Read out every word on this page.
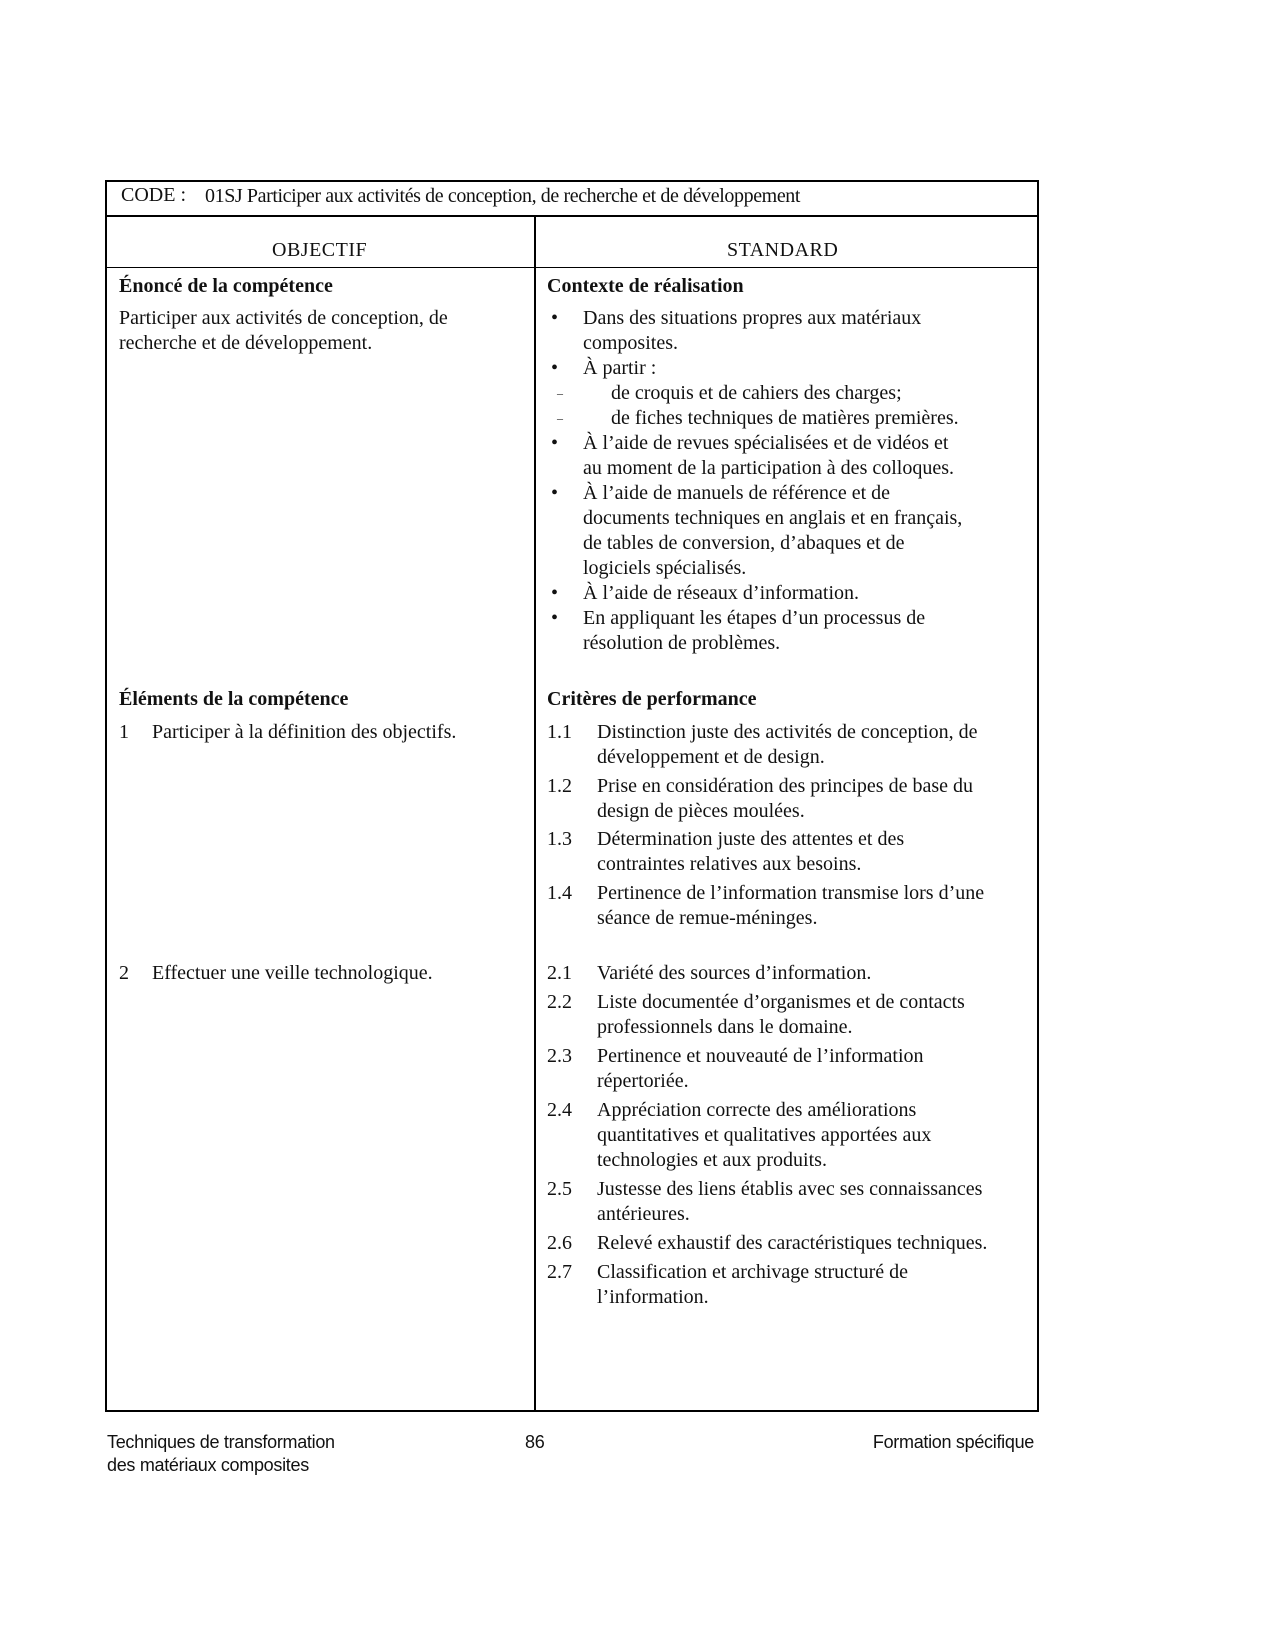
CODE : 01SJ Participer aux activités de conception, de recherche et de développement
OBJECTIF	STANDARD
Énoncé de la compétence
Participer aux activités de conception, de
recherche et de développement.
Éléments de la compétence
1 Participer à la définition des objectifs.
2 Effectuer une veille technologique.
Contexte de réalisation
• Dans des situations propres aux matériaux
composites.
• À partir :
– de croquis et de cahiers des charges;
– de fiches techniques de matières premières.
• À l’aide de revues spécialisées et de vidéos et
au moment de la participation à des colloques.
• À l’aide de manuels de référence et de
documents techniques en anglais et en français,
de tables de conversion, d’abaques et de
logiciels spécialisés.
• À l’aide de réseaux d’information.
• En appliquant les étapes d’un processus de
résolution de problèmes.
Critères de performance
1.1 Distinction juste des activités de conception, de
développement et de design.
1.2 Prise en considération des principes de base du
design de pièces moulées.
1.3 Détermination juste des attentes et des
contraintes relatives aux besoins.
1.4 Pertinence de l’information transmise lors d’une
séance de remue-méninges.
2.1 Variété des sources d’information.
2.2 Liste documentée d’organismes et de contacts
professionnels dans le domaine.
2.3 Pertinence et nouveauté de l’information
répertoriée.
2.4 Appréciation correcte des améliorations
quantitatives et qualitatives apportées aux
technologies et aux produits.
2.5 Justesse des liens établis avec ses connaissances
antérieures.
2.6 Relevé exhaustif des caractéristiques techniques.
2.7 Classification et archivage structuré de
l’information.
Techniques de transformation
des matériaux composites
86	Formation spécifique
